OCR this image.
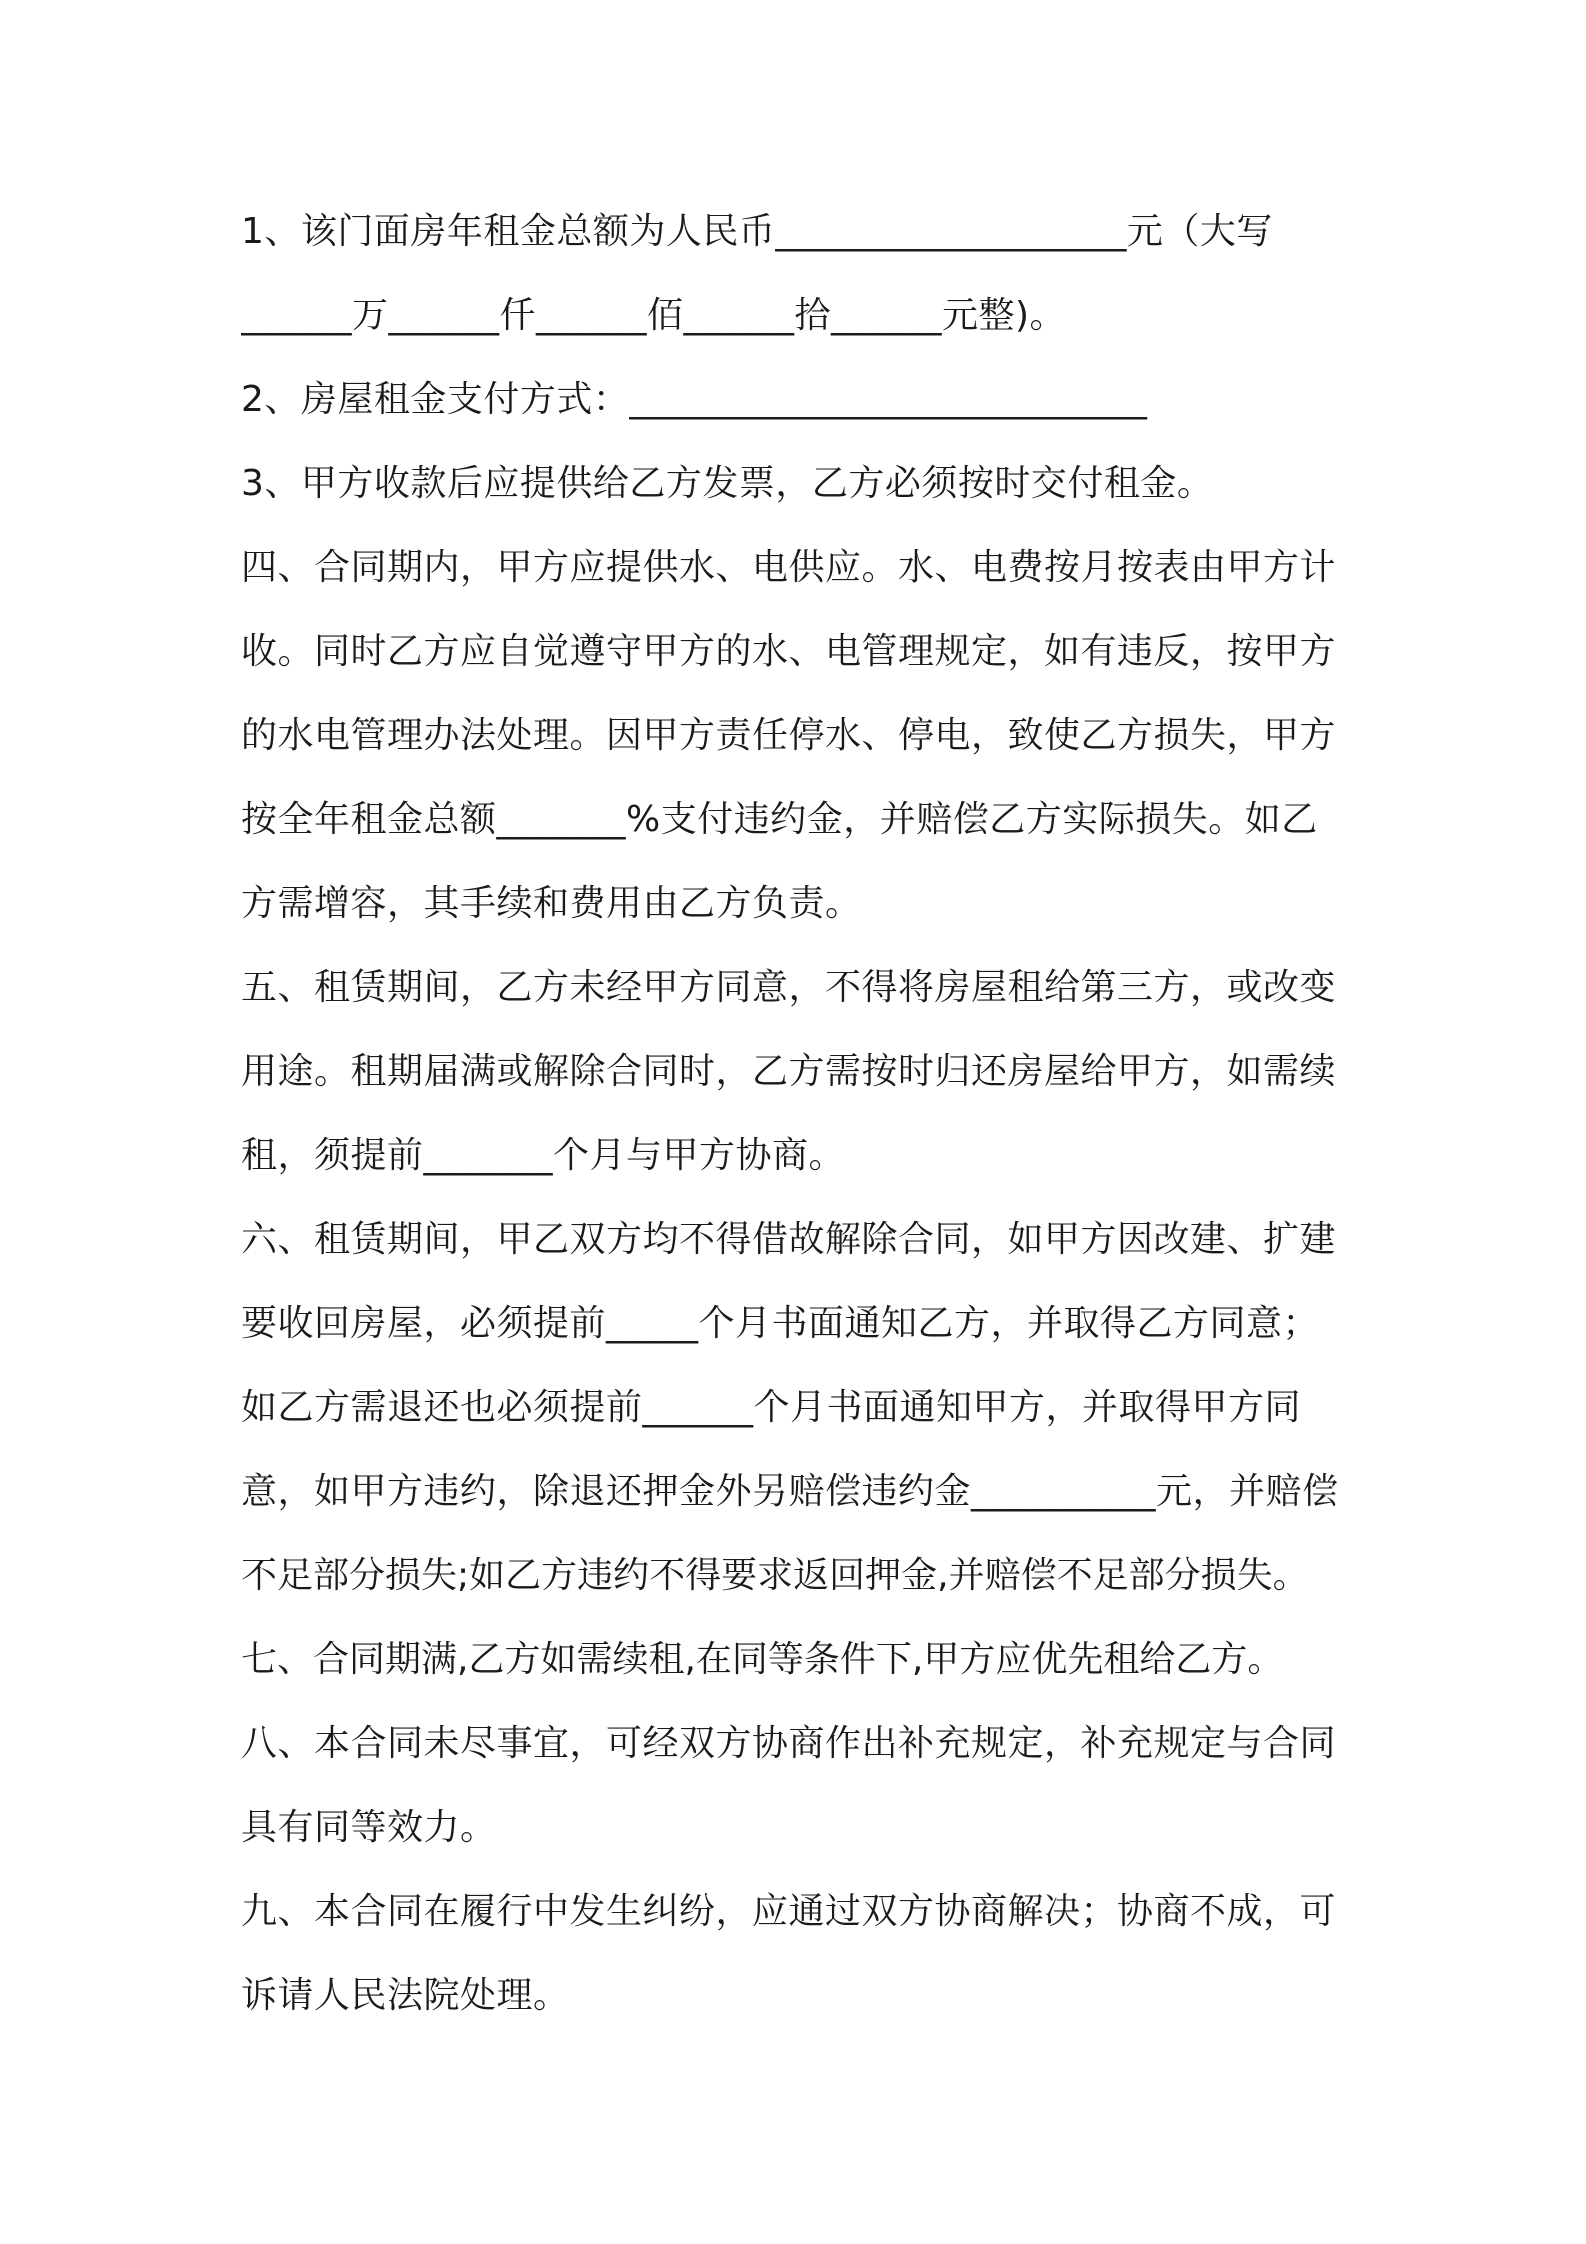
1、该门面房年租金总额为人民币___________________元（大写

______万______仟______佰______拾______元整)。

2、房屋租金支付方式：____________________________

3、甲方收款后应提供给乙方发票，乙方必须按时交付租金。

四、合同期内，甲方应提供水、电供应。水、电费按月按表由甲方计

收。同时乙方应自觉遵守甲方的水、电管理规定，如有违反，按甲方

的水电管理办法处理。因甲方责任停水、停电，致使乙方损失，甲方

按全年租金总额_______%支付违约金，并赔偿乙方实际损失。如乙

方需增容，其手续和费用由乙方负责。

五、租赁期间，乙方未经甲方同意，不得将房屋租给第三方，或改变

用途。租期届满或解除合同时，乙方需按时归还房屋给甲方，如需续

租，须提前_______个月与甲方协商。

六、租赁期间，甲乙双方均不得借故解除合同，如甲方因改建、扩建

要收回房屋，必须提前_____个月书面通知乙方，并取得乙方同意；

如乙方需退还也必须提前______个月书面通知甲方，并取得甲方同

意，如甲方违约，除退还押金外另赔偿违约金__________元，并赔偿

不足部分损失;如乙方违约不得要求返回押金,并赔偿不足部分损失。

七、合同期满,乙方如需续租,在同等条件下,甲方应优先租给乙方。

八、本合同未尽事宜，可经双方协商作出补充规定，补充规定与合同

具有同等效力。

九、本合同在履行中发生纠纷，应通过双方协商解决；协商不成，可

诉请人民法院处理。
